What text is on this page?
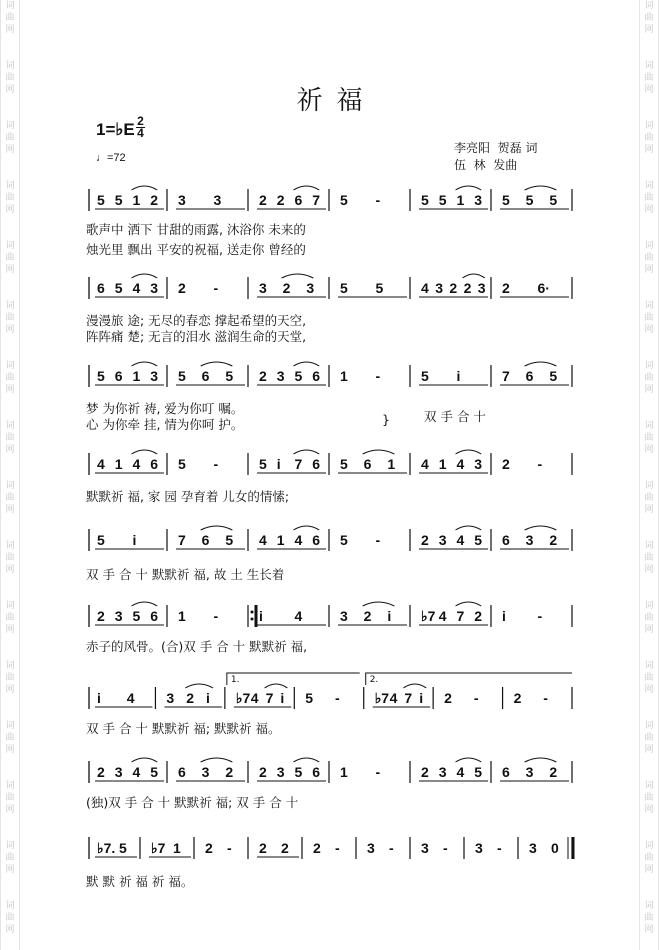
词
曲
网
词
曲
网
词
曲
网
词
曲
网
词
曲
网
词
曲
网
词
曲
网
词
曲
网
词
曲
网
词
曲
网
词
曲
网
词
曲
网
词
曲
网
词
曲
网
词
曲
网
词
曲
网
词
曲
网
词
曲
网
词
曲
网
词
曲
网
词
曲
网
词
曲
网
词
曲
网
词
曲
网
词
曲
网
词
曲
网
词
曲
网
词
曲
网
词
曲
网
词
曲
网
词
曲
网
词
曲
网
祈福
1=♭E 2
4
♩=72
李亮阳  贺磊 词
伍  林  发曲
5 5 1 2 3 3	2 2 6 7 5 -	5 5 1 3 5 5 5
歌声中 洒下 甘甜的雨露, 沐浴你 未来的
烛光里 飘出 平安的祝福, 送走你 曾经的
6 5 4 3 2 -	3 2 3 5 5	4 3 2 2 3 2 6·
漫漫旅 途; 无尽的春恋 撑起希望的天空,
阵阵痛 楚; 无言的泪水 滋润生命的天堂,
5 6 1 3 5 6 5 2 3 5 6 1 -	5 i	7 6 5
梦 为你祈 祷, 爱为你叮 嘱。
心 为你牵 挂, 情为你呵 护。	}	双 手 合 十
4 1 4 6 5 -	5 i 7 6 5 6 1 4 1 4 3 2 -
默默祈 福, 家 园 孕育着 儿女的情愫;
5 i	7 6 5 4 1 4 6 5 -	2 3 4 5 6 3 2
双 手 合 十 默默祈 福, 故 土 生长着
2 3 5 6 1 -	i 4	3 2 i ♭7 4 7 2 i -
赤子的风骨。(合)双 手 合 十 默默祈 福,
i 4 3 2 i ♭7 4 7 i 5 -	♭7 4 7 i 2 -	2 -
1.	2.
双 手 合 十 默默祈 福; 默默祈 福。
2 3 4 5 6 3 2 2 3 5 6 1 -	2 3 4 5 6 3 2
(独)双 手 合 十 默默祈 福; 双 手 合 十
♭7. 5 ♭7 1 2 - 2 2 2 - 3 - 3 - 3 - 3 0
默 默 祈 福 祈 福。
